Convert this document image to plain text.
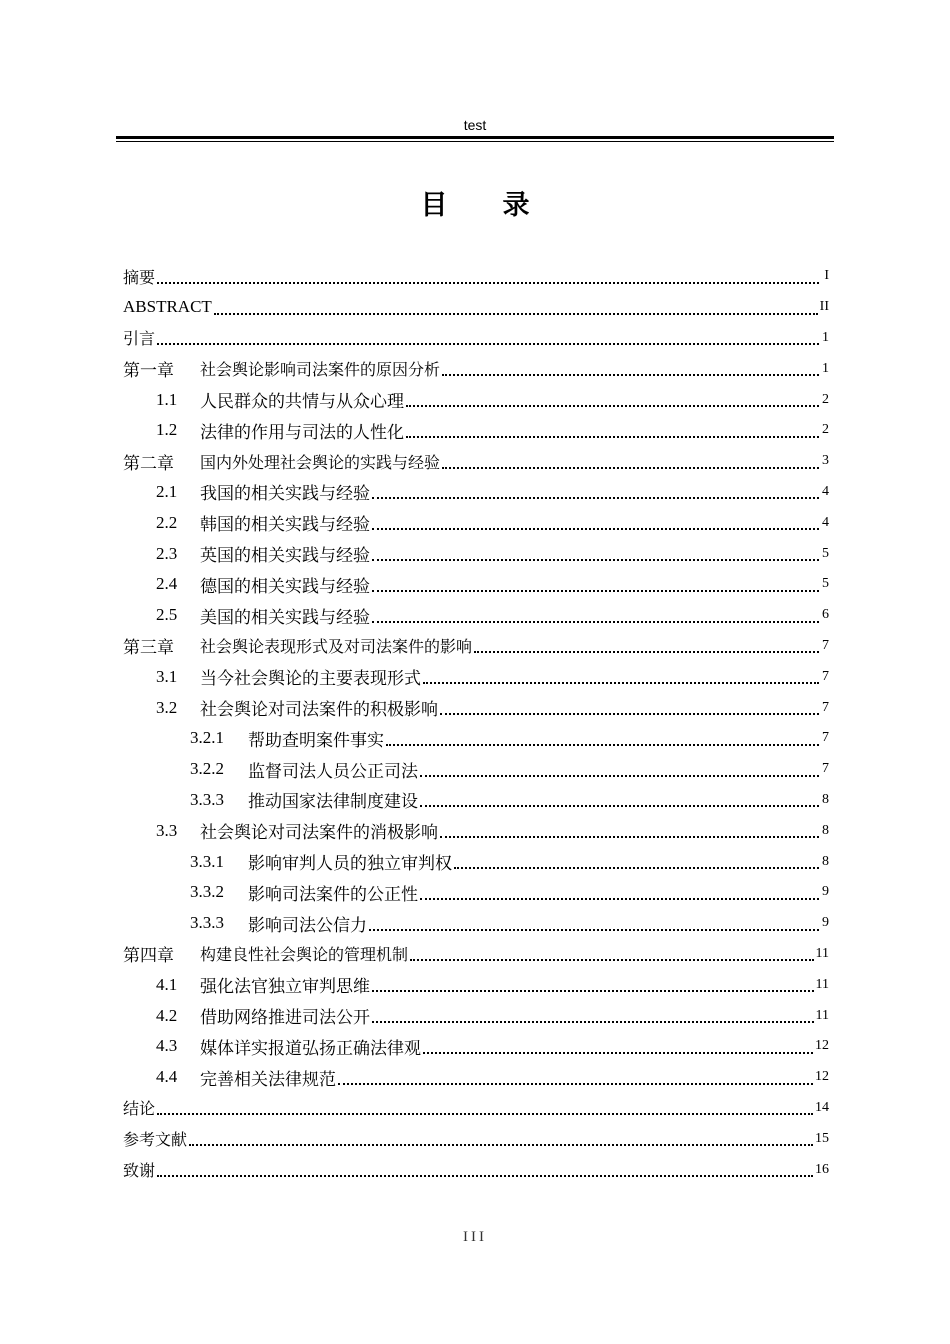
test
目录
摘要	I
ABSTRACT	II
引言	1
第一章	社会舆论影响司法案件的原因分析	1
1.1	人民群众的共情与从众心理	2
1.2	法律的作用与司法的人性化	2
第二章	国内外处理社会舆论的实践与经验	3
2.1	我国的相关实践与经验	4
2.2	韩国的相关实践与经验	4
2.3	英国的相关实践与经验	5
2.4	德国的相关实践与经验	5
2.5	美国的相关实践与经验	6
第三章	社会舆论表现形式及对司法案件的影响	7
3.1	当今社会舆论的主要表现形式	7
3.2	社会舆论对司法案件的积极影响	7
3.2.1	帮助查明案件事实	7
3.2.2	监督司法人员公正司法	7
3.3.3	推动国家法律制度建设	8
3.3	社会舆论对司法案件的消极影响	8
3.3.1	影响审判人员的独立审判权	8
3.3.2	影响司法案件的公正性	9
3.3.3	影响司法公信力	9
第四章	构建良性社会舆论的管理机制	11
4.1	强化法官独立审判思维	11
4.2	借助网络推进司法公开	11
4.3	媒体详实报道弘扬正确法律观	12
4.4	完善相关法律规范	12
结论	14
参考文献	15
致谢	16
III
